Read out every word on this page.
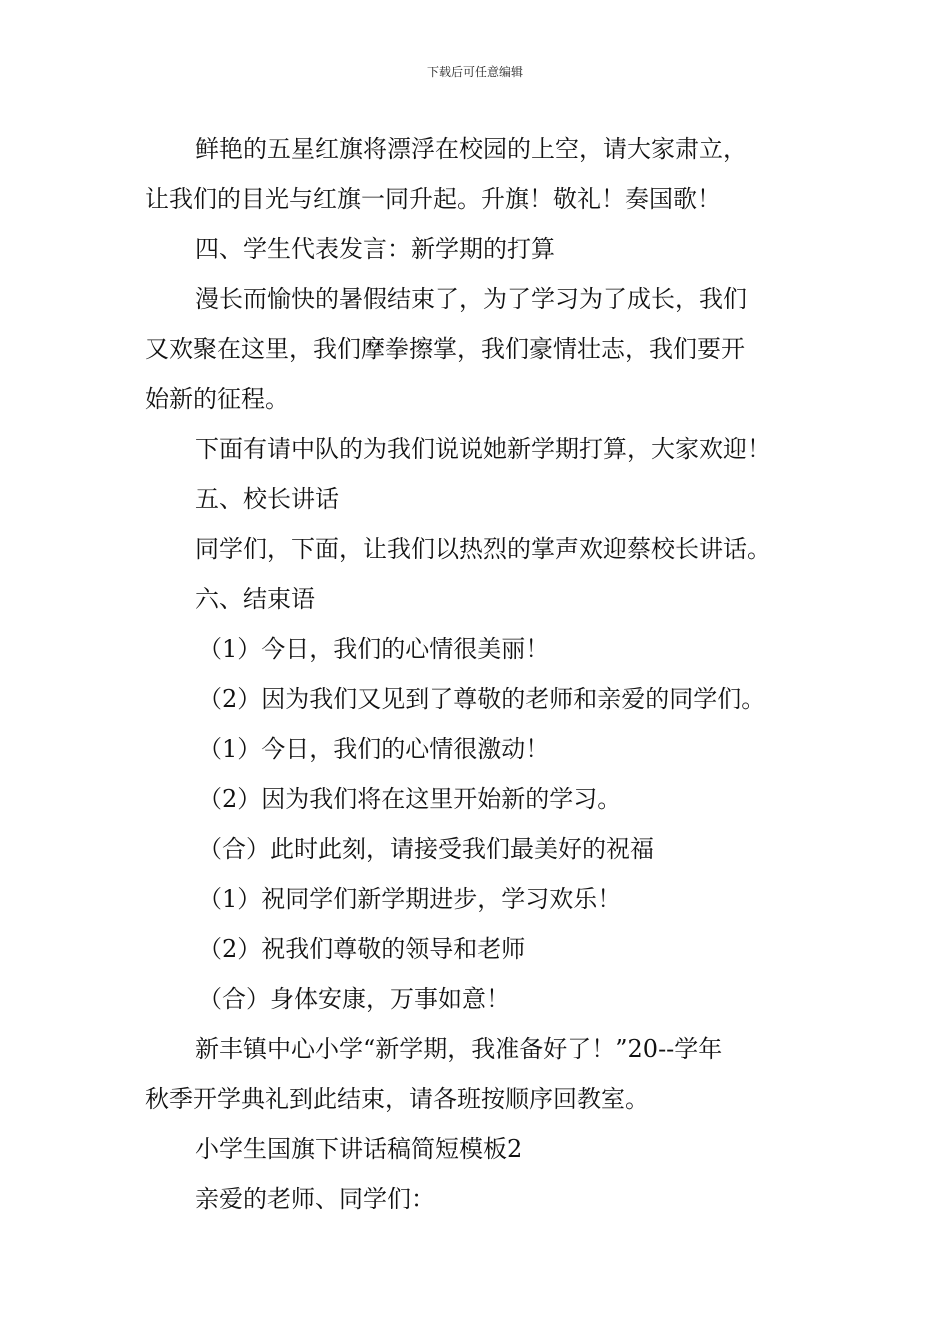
下载后可任意编辑

鲜艳的五星红旗将漂浮在校园的上空，请大家肃立，

让我们的目光与红旗一同升起。升旗！敬礼！奏国歌！

四、学生代表发言：新学期的打算

漫长而愉快的暑假结束了，为了学习为了成长，我们

又欢聚在这里，我们摩拳擦掌，我们豪情壮志，我们要开

始新的征程。

下面有请中队的为我们说说她新学期打算，大家欢迎！

五、校长讲话

同学们，下面，让我们以热烈的掌声欢迎蔡校长讲话。

六、结束语

（1）今日，我们的心情很美丽！

（2）因为我们又见到了尊敬的老师和亲爱的同学们。

（1）今日，我们的心情很激动！

（2）因为我们将在这里开始新的学习。

（合）此时此刻，请接受我们最美好的祝福

（1）祝同学们新学期进步，学习欢乐！

（2）祝我们尊敬的领导和老师

（合）身体安康，万事如意！

新丰镇中心小学“新学期，我准备好了！”20--学年

秋季开学典礼到此结束，请各班按顺序回教室。

小学生国旗下讲话稿简短模板2

亲爱的老师、同学们：
